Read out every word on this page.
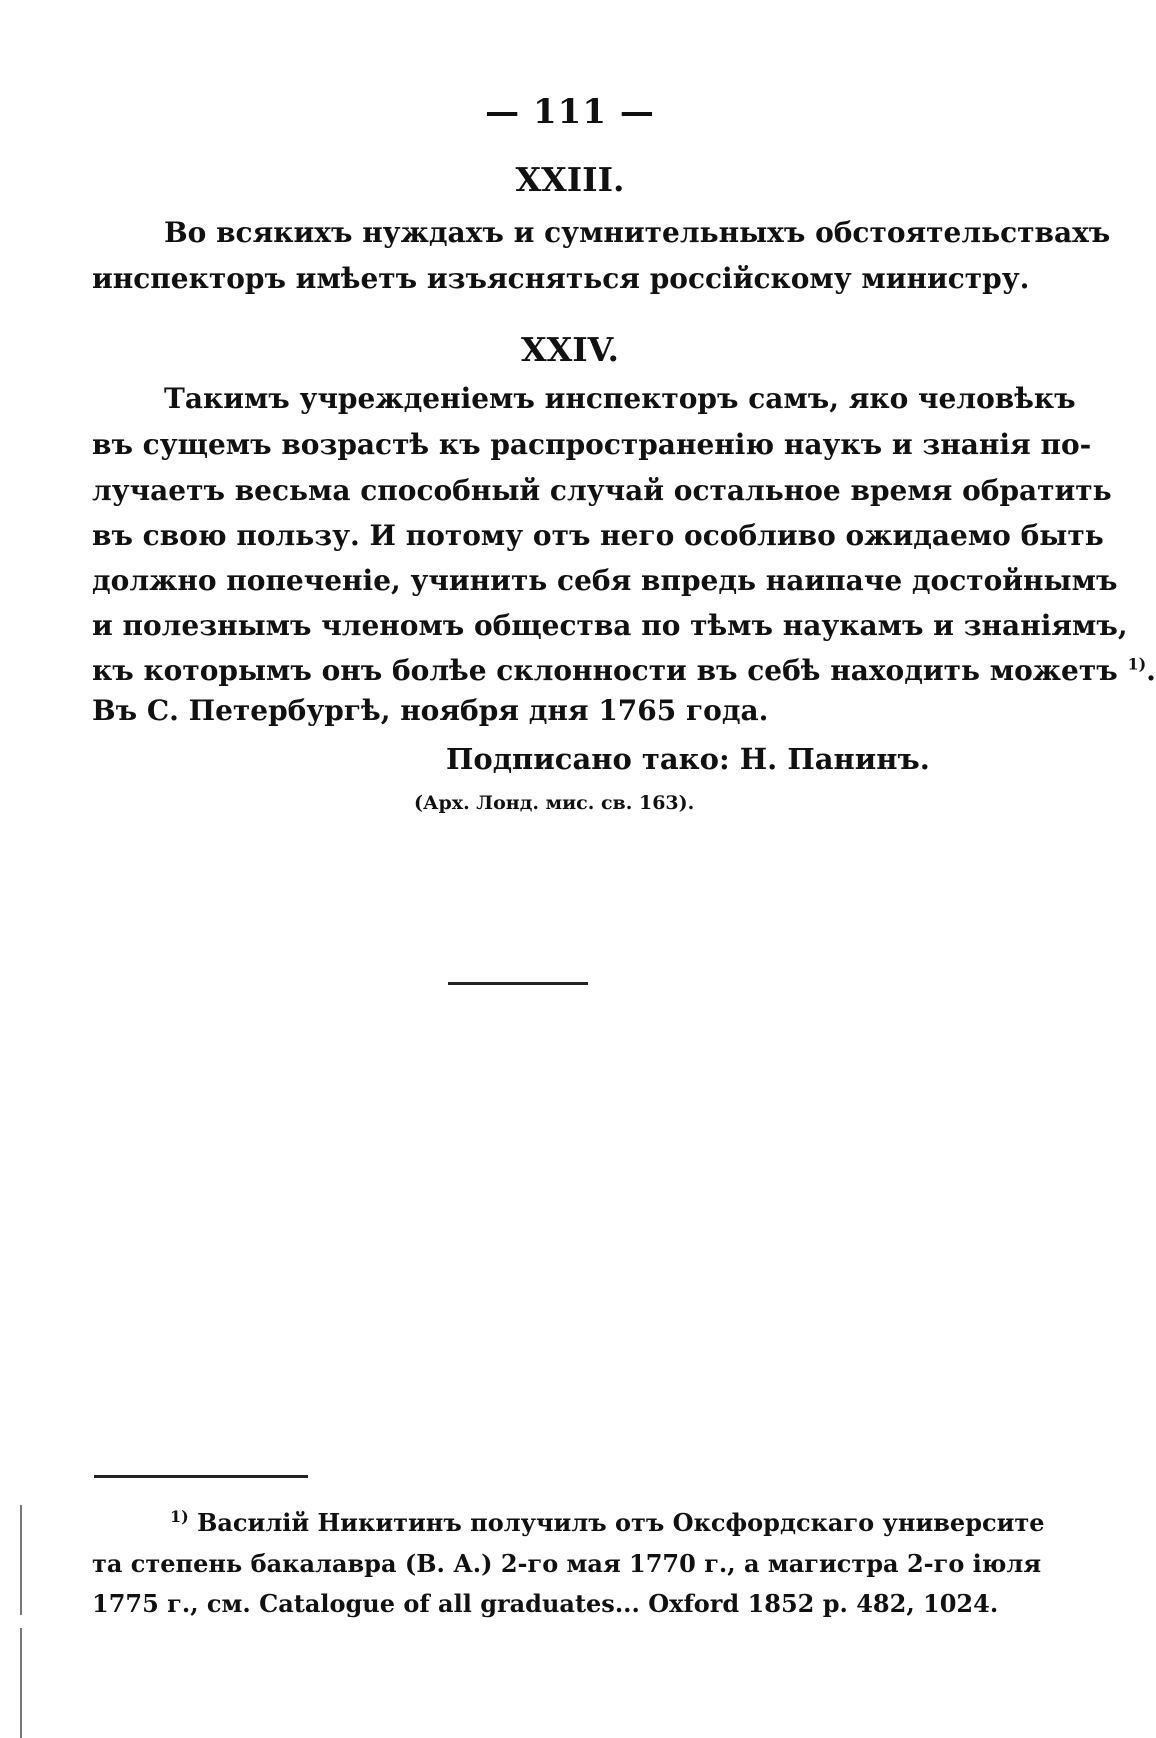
— 111 —
XXIII.
Во всякихъ нуждахъ и сумнительныхъ обстоятельствахъ
инспекторъ имѣетъ изъясняться россійскому министру.
XXIV.
Такимъ учрежденіемъ инспекторъ самъ, яко человѣкъ
въ сущемъ возрастѣ къ распространенію наукъ и знанія по-
лучаетъ весьма способный случай остальное время обратить
въ свою пользу. И потому отъ него особливо ожидаемо быть
должно попеченіе, учинить себя впредь наипаче достойнымъ
и полезнымъ членомъ общества по тѣмъ наукамъ и знаніямъ,
къ которымъ онъ болѣе склонности въ себѣ находить можетъ $^{1)}$.
Въ С. Петербургѣ, ноября дня 1765 года.
Подписано тако: Н. Панинъ.
(Арх. Лонд. мис. св. 163).
$^{1)}$ Василій Никитинъ получилъ отъ Оксфордскаго университе
та степень бакалавра (В. А.) 2-го мая 1770 г., а магистра 2-го іюля
1775 г., см. Catalogue of all graduates... Oxford 1852 p. 482, 1024.
